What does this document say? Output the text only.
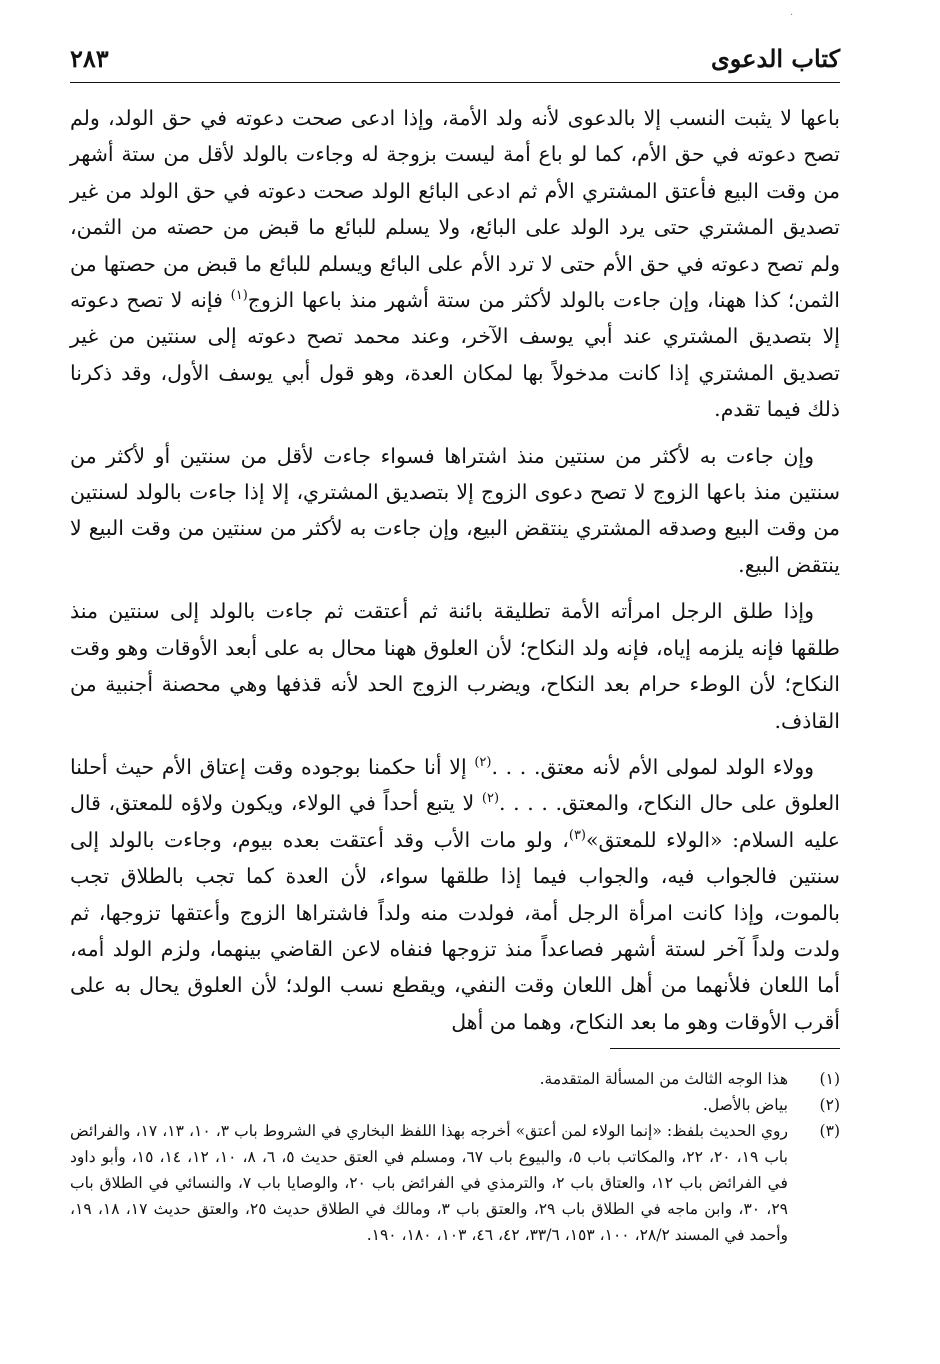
·
كتاب الدعوى
٢٨٣

باعها لا يثبت النسب إلا بالدعوى لأنه ولد الأمة، وإذا ادعى صحت دعوته في حق الولد، ولم تصح دعوته في حق الأم، كما لو باع أمة ليست بزوجة له وجاءت بالولد لأقل من ستة أشهر من وقت البيع فأعتق المشتري الأم ثم ادعى البائع الولد صحت دعوته في حق الولد من غير تصديق المشتري حتى يرد الولد على البائع، ولا يسلم للبائع ما قبض من حصته من الثمن، ولم تصح دعوته في حق الأم حتى لا ترد الأم على البائع ويسلم للبائع ما قبض من حصتها من الثمن؛ كذا ههنا، وإن جاءت بالولد لأكثر من ستة أشهر منذ باعها الزوج$^{(١)}$ فإنه لا تصح دعوته إلا بتصديق المشتري عند أبي يوسف الآخر، وعند محمد تصح دعوته إلى سنتين من غير تصديق المشتري إذا كانت مدخولاً بها لمكان العدة، وهو قول أبي يوسف الأول، وقد ذكرنا ذلك فيما تقدم.

وإن جاءت به لأكثر من سنتين منذ اشتراها فسواء جاءت لأقل من سنتين أو لأكثر من سنتين منذ باعها الزوج لا تصح دعوى الزوج إلا بتصديق المشتري، إلا إذا جاءت بالولد لسنتين من وقت البيع وصدقه المشتري ينتقض البيع، وإن جاءت به لأكثر من سنتين من وقت البيع لا ينتقض البيع.

وإذا طلق الرجل امرأته الأمة تطليقة بائنة ثم أعتقت ثم جاءت بالولد إلى سنتين منذ طلقها فإنه يلزمه إياه، فإنه ولد النكاح؛ لأن العلوق ههنا محال به على أبعد الأوقات وهو وقت النكاح؛ لأن الوطء حرام بعد النكاح، ويضرب الزوج الحد لأنه قذفها وهي محصنة أجنبية من القاذف.

وولاء الولد لمولى الأم لأنه معتق. . . .$^{(٢)}$ إلا أنا حكمنا بوجوده وقت إعتاق الأم حيث أحلنا العلوق على حال النكاح، والمعتق. . . . .$^{(٢)}$ لا يتبع أحداً في الولاء، ويكون ولاؤه للمعتق، قال عليه السلام: «الولاء للمعتق»$^{(٣)}$، ولو مات الأب وقد أعتقت بعده بيوم، وجاءت بالولد إلى سنتين فالجواب فيه، والجواب فيما إذا طلقها سواء، لأن العدة كما تجب بالطلاق تجب بالموت، وإذا كانت امرأة الرجل أمة، فولدت منه ولداً فاشتراها الزوج وأعتقها تزوجها، ثم ولدت ولداً آخر لستة أشهر فصاعداً منذ تزوجها فنفاه لاعن القاضي بينهما، ولزم الولد أمه، أما اللعان فلأنهما من أهل اللعان وقت النفي، ويقطع نسب الولد؛ لأن العلوق يحال به على أقرب الأوقات وهو ما بعد النكاح، وهما من أهل

(١)
هذا الوجه الثالث من المسألة المتقدمة.
(٢)
بياض بالأصل.
(٣)
روي الحديث بلفظ: «إنما الولاء لمن أعتق» أخرجه بهذا اللفظ البخاري في الشروط باب ٣، ١٠، ١٣، ١٧، والفرائض باب ١٩، ٢٠، ٢٢، والمكاتب باب ٥، والبيوع باب ٦٧، ومسلم في العتق حديث ٥، ٦، ٨، ١٠، ١٢، ١٤، ١٥، وأبو داود في الفرائض باب ١٢، والعتاق باب ٢، والترمذي في الفرائض باب ٢٠، والوصايا باب ٧، والنسائي في الطلاق باب ٢٩، ٣٠، وابن ماجه في الطلاق باب ٢٩، والعتق باب ٣، ومالك في الطلاق حديث ٢٥، والعتق حديث ١٧، ١٨، ١٩، وأحمد في المسند ٢٨/٢، ١٠٠، ١٥٣، ٣٣/٦، ٤٢، ٤٦، ١٠٣، ١٨٠، ١٩٠.
